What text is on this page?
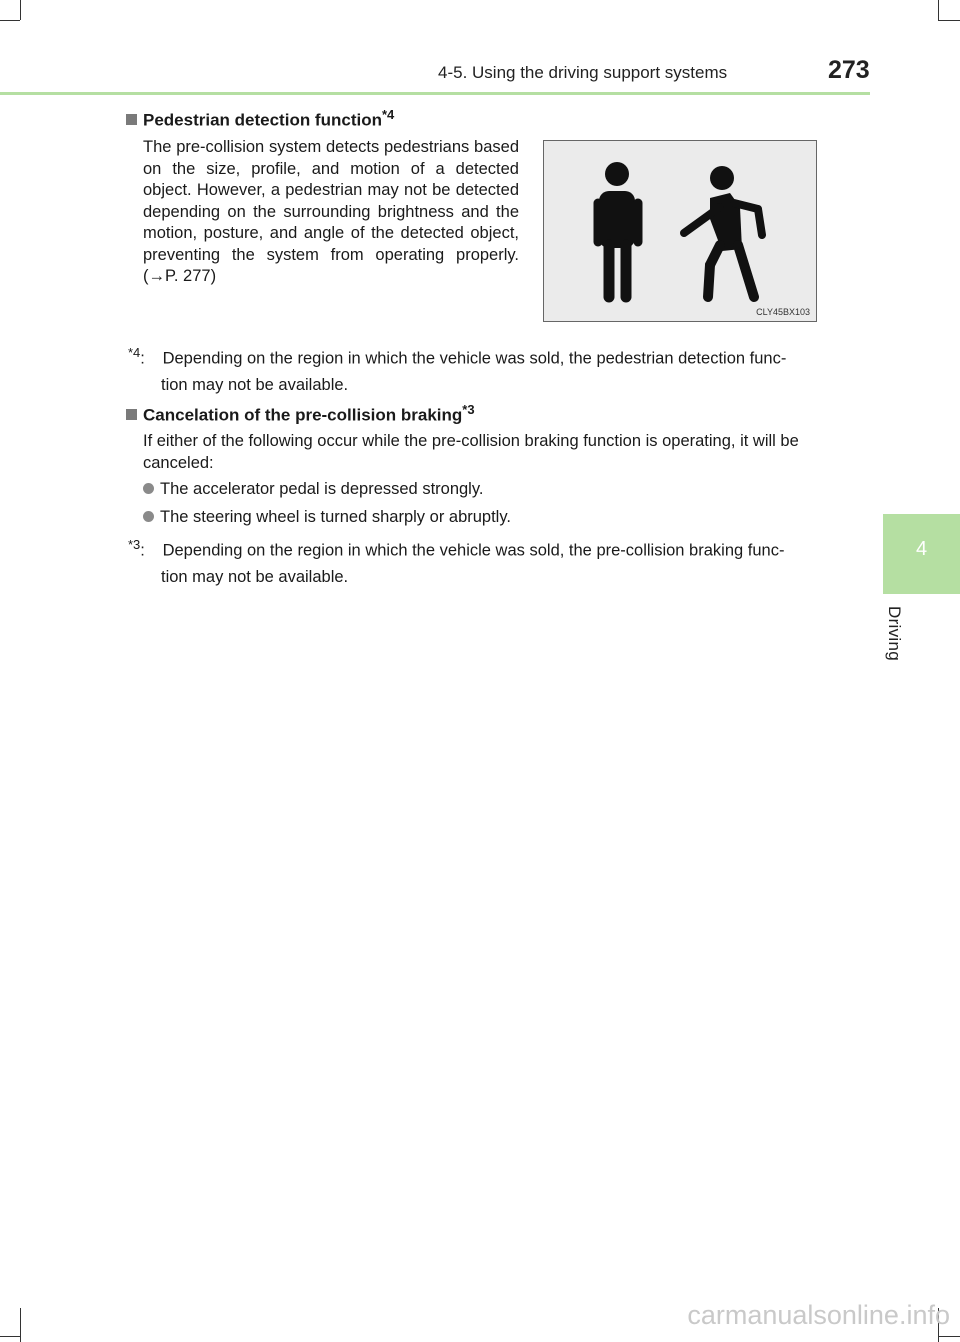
4-5. Using the driving support systems	273
4
Driving
Pedestrian detection function$^{*4}$
The pre-collision system detects pedestrians based on the size, profile, and motion of a detected object. However, a pedestrian may not be detected depending on the surrounding brightness and the motion, posture, and angle of the detected object, preventing the system from operating properly. (→P. 277)
CLY45BX103
$^{*4}$: Depending on the region in which the vehicle was sold, the pedestrian detection func-
tion may not be available.
Cancelation of the pre-collision braking$^{*3}$
If either of the following occur while the pre-collision braking function is operating, it will be canceled:
The accelerator pedal is depressed strongly.
The steering wheel is turned sharply or abruptly.
$^{*3}$: Depending on the region in which the vehicle was sold, the pre-collision braking func-
tion may not be available.
carmanualsonline.info
